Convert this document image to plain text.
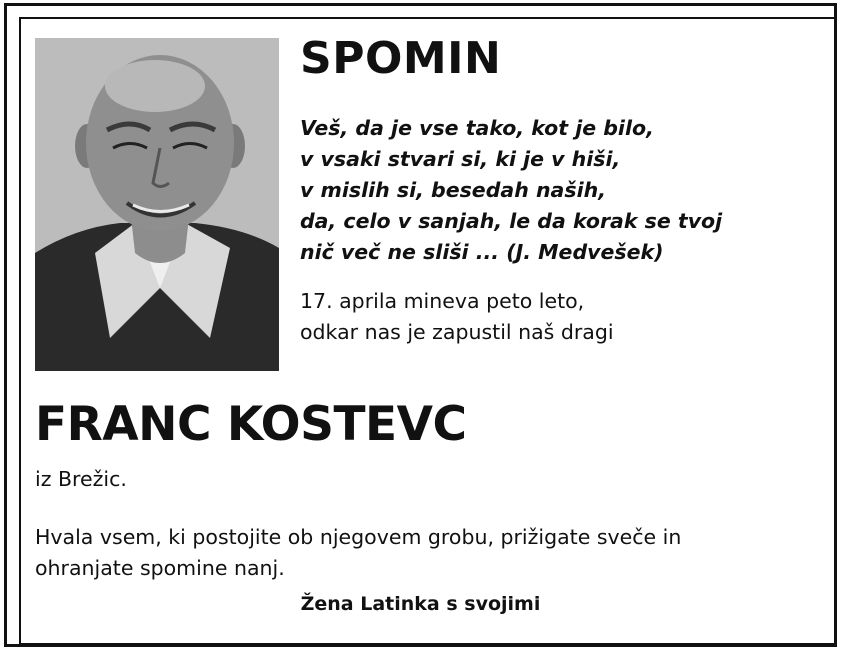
SPOMIN
Veš, da je vse tako, kot je bilo,
v vsaki stvari si, ki je v hiši,
v mislih si, besedah naših,
da, celo v sanjah, le da korak se tvoj
nič več ne sliši ... (J. Medvešek)
17. aprila mineva peto leto,
odkar nas je zapustil naš dragi
FRANC KOSTEVC
iz Brežic.
Hvala vsem, ki postojite ob njegovem grobu, prižigate sveče in
ohranjate spomine nanj.
Žena Latinka s svojimi
